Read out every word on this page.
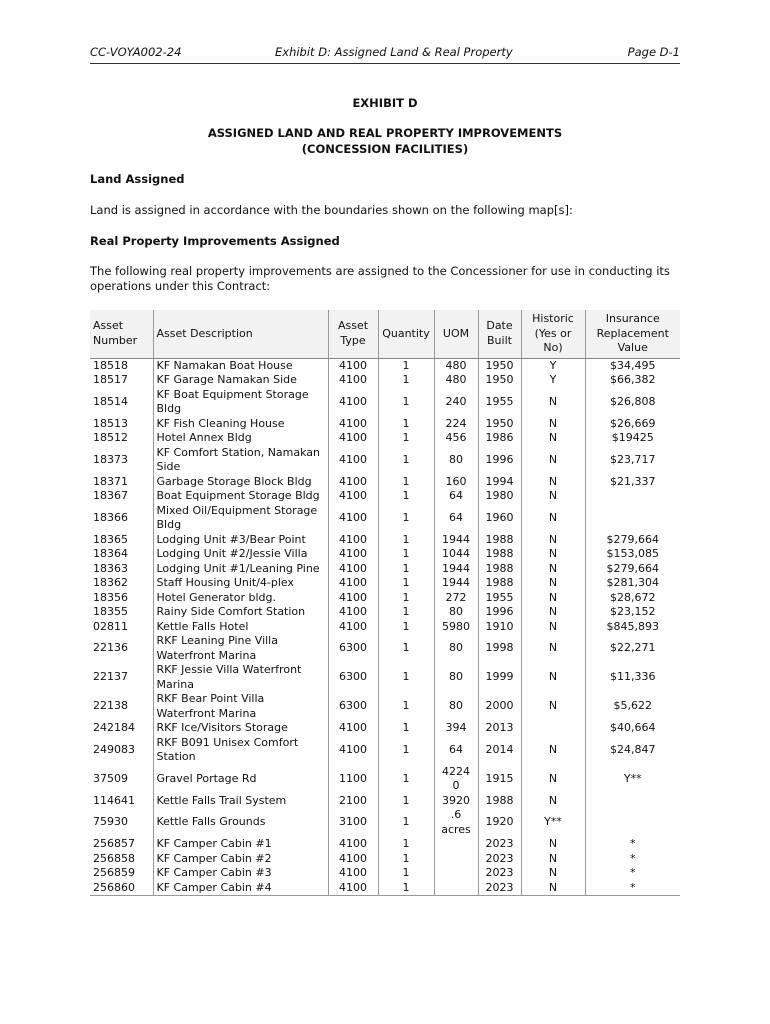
CC-VOYA002-24	Exhibit D: Assigned Land & Real Property	Page D-1
EXHIBIT D
ASSIGNED LAND AND REAL PROPERTY IMPROVEMENTS
(CONCESSION FACILITIES)
Land Assigned
Land is assigned in accordance with the boundaries shown on the following map[s]:
Real Property Improvements Assigned
The following real property improvements are assigned to the Concessioner for use in conducting its operations under this Contract:
Asset Number	Asset Description	Asset Type	Quantity	UOM	Date Built	Historic (Yes or No)	Insurance Replacement Value
18518	KF Namakan Boat House	4100	1	480	1950	Y	$34,495
18517	KF Garage Namakan Side	4100	1	480	1950	Y	$66,382
18514	KF Boat Equipment Storage Bldg	4100	1	240	1955	N	$26,808
18513	KF Fish Cleaning House	4100	1	224	1950	N	$26,669
18512	Hotel Annex Bldg	4100	1	456	1986	N	$19425
18373	KF Comfort Station, Namakan Side	4100	1	80	1996	N	$23,717
18371	Garbage Storage Block Bldg	4100	1	160	1994	N	$21,337
18367	Boat Equipment Storage Bldg	4100	1	64	1980	N	
18366	Mixed Oil/Equipment Storage Bldg	4100	1	64	1960	N	
18365	Lodging Unit #3/Bear Point	4100	1	1944	1988	N	$279,664
18364	Lodging Unit #2/Jessie Villa	4100	1	1044	1988	N	$153,085
18363	Lodging Unit #1/Leaning Pine	4100	1	1944	1988	N	$279,664
18362	Staff Housing Unit/4-plex	4100	1	1944	1988	N	$281,304
18356	Hotel Generator bldg.	4100	1	272	1955	N	$28,672
18355	Rainy Side Comfort Station	4100	1	80	1996	N	$23,152
02811	Kettle Falls Hotel	4100	1	5980	1910	N	$845,893
22136	RKF Leaning Pine Villa Waterfront Marina	6300	1	80	1998	N	$22,271
22137	RKF Jessie Villa Waterfront Marina	6300	1	80	1999	N	$11,336
22138	RKF Bear Point Villa Waterfront Marina	6300	1	80	2000	N	$5,622
242184	RKF Ice/Visitors Storage	4100	1	394	2013		$40,664
249083	RKF B091 Unisex Comfort Station	4100	1	64	2014	N	$24,847
37509	Gravel Portage Rd	1100	1	4224 0	1915	N	Y**
114641	Kettle Falls Trail System	2100	1	3920	1988	N	
75930	Kettle Falls Grounds	3100	1	.6 acres	1920	Y**	
256857	KF Camper Cabin #1	4100	1		2023	N	*
256858	KF Camper Cabin #2	4100	1		2023	N	*
256859	KF Camper Cabin #3	4100	1		2023	N	*
256860	KF Camper Cabin #4	4100	1		2023	N	*
